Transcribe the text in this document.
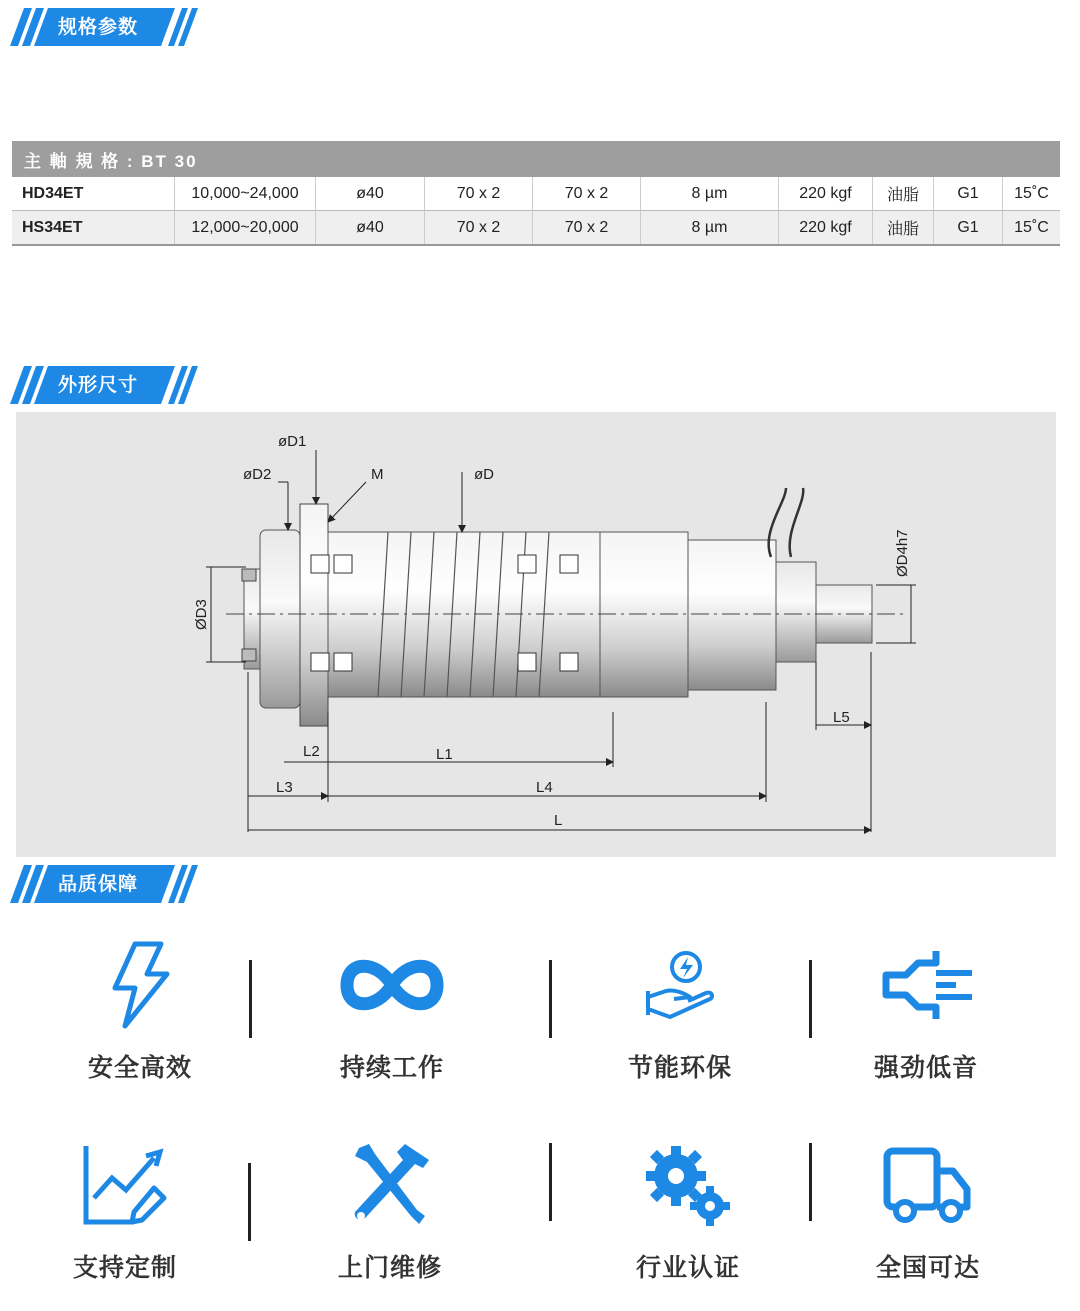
规格参数
主 軸 規 格 : BT 30									
HD34ET	10,000~24,000	ø40	70 x 2	70 x 2	8 µm	220 kgf	油脂	G1	15˚C
HS34ET	12,000~20,000	ø40	70 x 2	70 x 2	8 µm	220 kgf	油脂	G1	15˚C
外形尺寸
øD1
øD2	M	øD
ØD4h7
ØD3
L5
L2	L1
L3	L4
L
品质保障
安全高效	持续工作	节能环保	强劲低音
支持定制	上门维修	行业认证	全国可达
